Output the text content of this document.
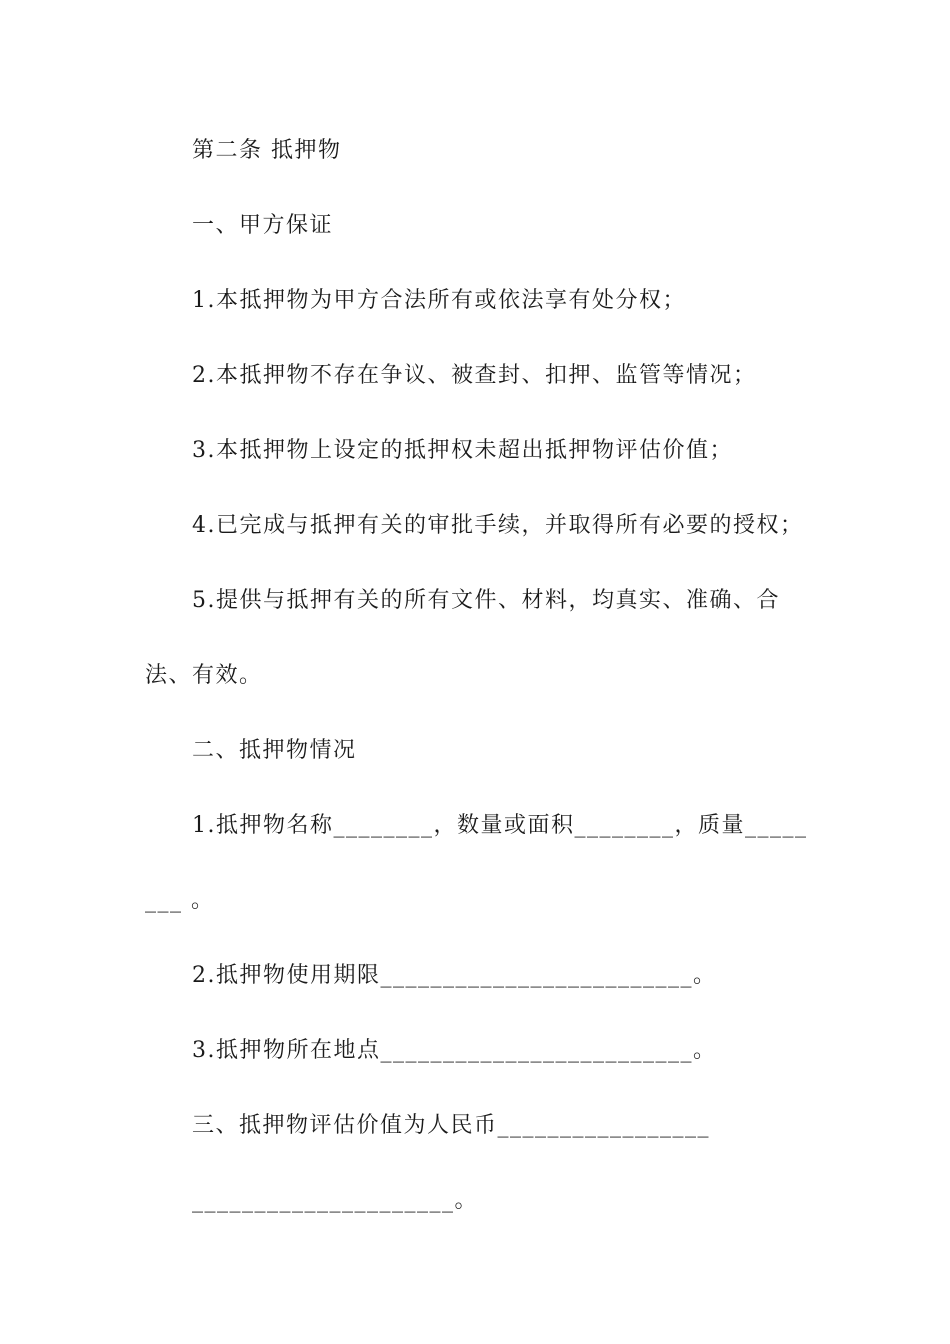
第二条 抵押物
一、甲方保证
1.本抵押物为甲方合法所有或依法享有处分权；
2.本抵押物不存在争议、被查封、扣押、监管等情况；
3.本抵押物上设定的抵押权未超出抵押物评估价值；
4.已完成与抵押有关的审批手续，并取得所有必要的授权；
5.提供与抵押有关的所有文件、材料，均真实、准确、合
法、有效。
二、抵押物情况
1.抵押物名称________，数量或面积________，质量_____
___ 。
2.抵押物使用期限_________________________。
3.抵押物所在地点_________________________。
三、抵押物评估价值为人民币_________________
_____________________。
